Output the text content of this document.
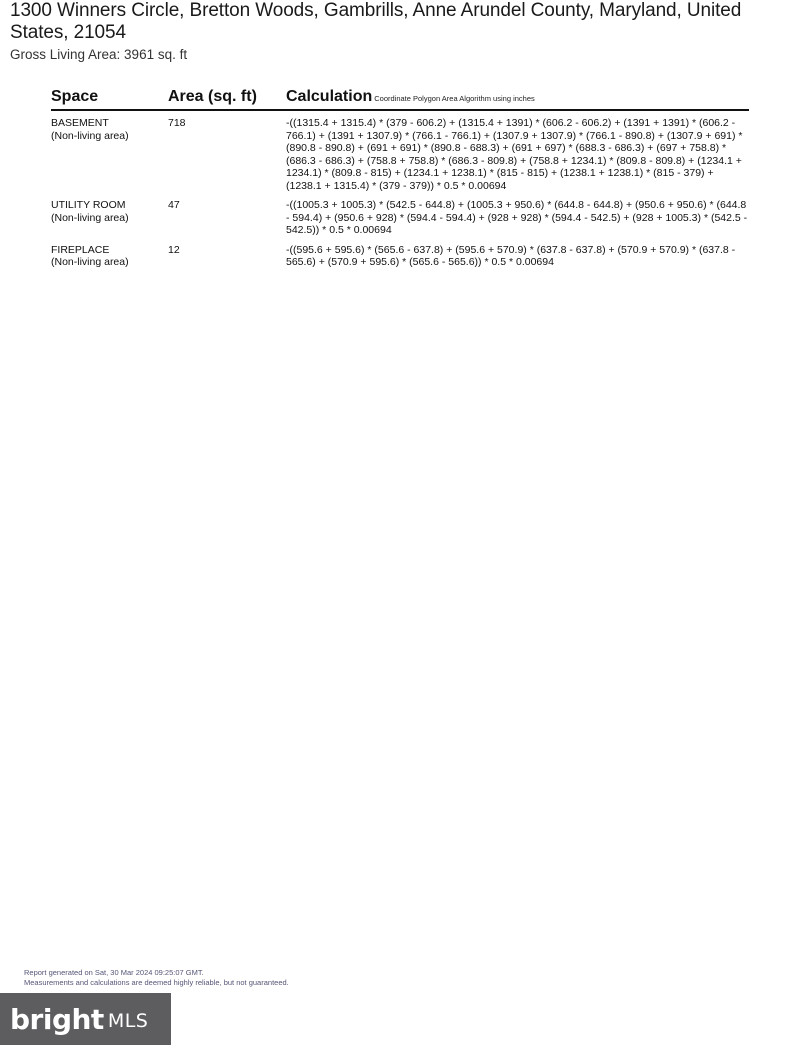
1300 Winners Circle, Bretton Woods, Gambrills, Anne Arundel County, Maryland, United States, 21054
Gross Living Area: 3961 sq. ft
Space	Area (sq. ft)	Calculation Coordinate Polygon Area Algorithm using inches
BASEMENT
(Non-living area)
718	-((1315.4 + 1315.4) * (379 - 606.2) + (1315.4 + 1391) * (606.2 - 606.2) + (1391 + 1391) * (606.2 - 766.1) + (1391 + 1307.9) * (766.1 - 766.1) + (1307.9 + 1307.9) * (766.1 - 890.8) + (1307.9 + 691) * (890.8 - 890.8) + (691 + 691) * (890.8 - 688.3) + (691 + 697) * (688.3 - 686.3) + (697 + 758.8) * (686.3 - 686.3) + (758.8 + 758.8) * (686.3 - 809.8) + (758.8 + 1234.1) * (809.8 - 809.8) + (1234.1 + 1234.1) * (809.8 - 815) + (1234.1 + 1238.1) * (815 - 815) + (1238.1 + 1238.1) * (815 - 379) + (1238.1 + 1315.4) * (379 - 379)) * 0.5 * 0.00694
UTILITY ROOM
(Non-living area)
47	-((1005.3 + 1005.3) * (542.5 - 644.8) + (1005.3 + 950.6) * (644.8 - 644.8) + (950.6 + 950.6) * (644.8 - 594.4) + (950.6 + 928) * (594.4 - 594.4) + (928 + 928) * (594.4 - 542.5) + (928 + 1005.3) * (542.5 - 542.5)) * 0.5 * 0.00694
FIREPLACE
(Non-living area)
12	-((595.6 + 595.6) * (565.6 - 637.8) + (595.6 + 570.9) * (637.8 - 637.8) + (570.9 + 570.9) * (637.8 - 565.6) + (570.9 + 595.6) * (565.6 - 565.6)) * 0.5 * 0.00694
Report generated on Sat, 30 Mar 2024 09:25:07 GMT.
Measurements and calculations are deemed highly reliable, but not guaranteed.
bright MLS
